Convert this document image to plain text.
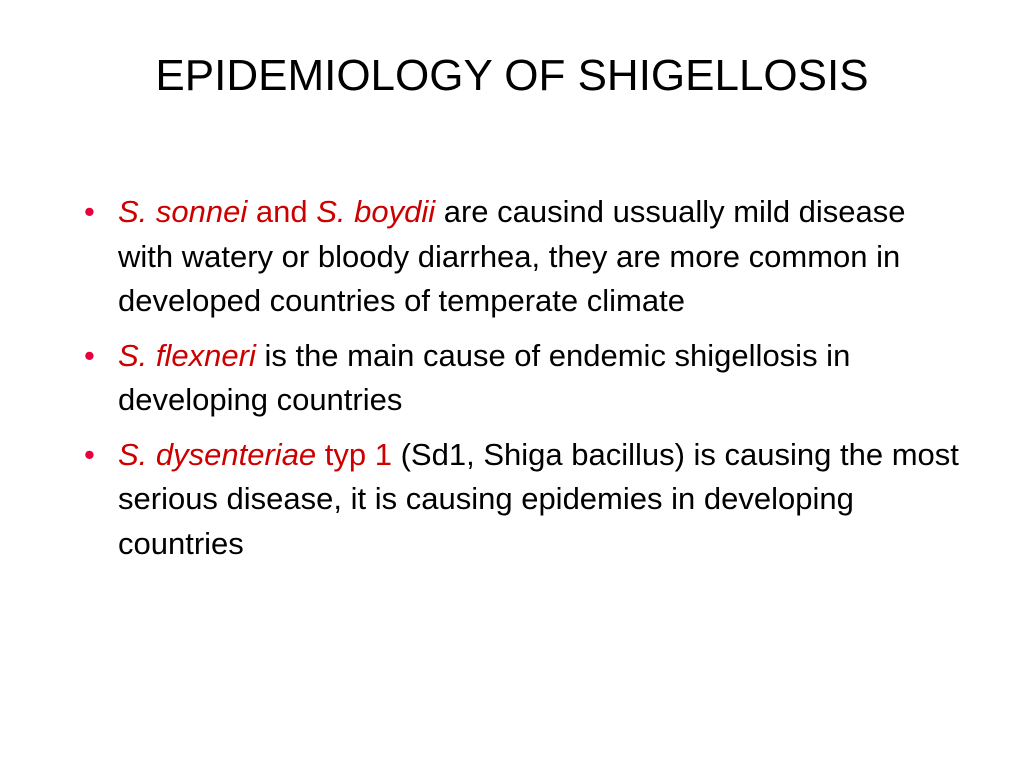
EPIDEMIOLOGY OF SHIGELLOSIS
• S. sonnei and S. boydii are causind ussually mild disease with watery or bloody diarrhea, they are more common in developed countries of temperate climate
• S. flexneri is the main cause of endemic shigellosis in developing countries
• S. dysenteriae typ 1 (Sd1, Shiga bacillus) is causing the most serious disease, it is causing epidemies in developing countries
